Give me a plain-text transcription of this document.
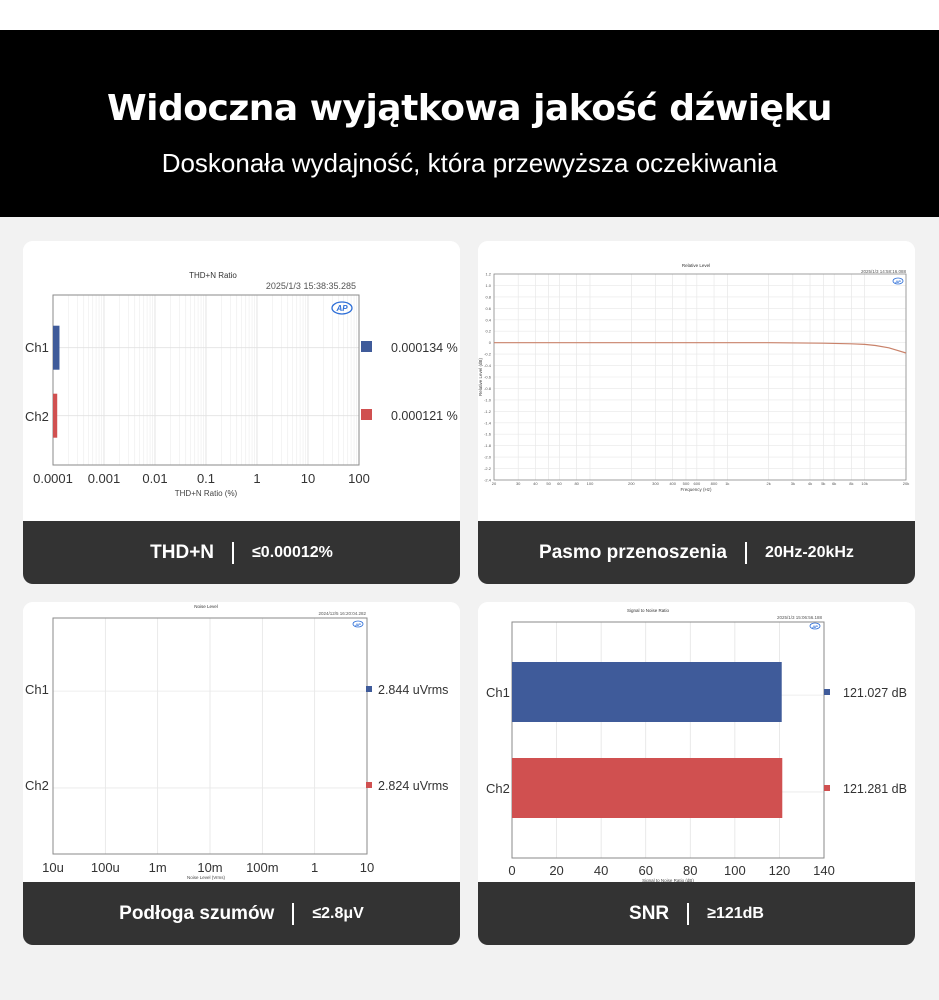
Widoczna wyjątkowa jakość dźwięku
Doskonała wydajność, która przewyższa oczekiwania
THD+N Ratio
2025/1/3 15:38:35.285
AP
Ch1
Ch2
0.000134 %
0.000121 %
0.0001 0.001 0.01 0.1	1	10	100
THD+N Ratio (%)
THD+N ≤0.00012%
Relative Level
2025/1/3 14:58:16.088
AP
1.2
1.0
0.8
0.6
0.4
0.2
0
-0.2
-0.4
-0.6
-0.8
-1.0
-1.2
-1.4
-1.6
-1.8
-2.0
-2.2
-2.4
20	30	40 50 60	80 100	200	300	400 500 600	800 1k	2k	3k	4k 5k 6k	8k 10k	20k
Frequency (Hz)
Relative Level (dB)
Pasmo przenoszenia 20Hz-20kHz
Noise Level
2024/12/5 16:20:04.282
AP
Ch1
Ch2
2.844 uVrms
2.824 uVrms
10u 100u 1m 10m 100m 1	10
Noise Level (Vrms)
Podłoga szumów ≤2.8μV
Signal to Noise Ratio
2025/1/3 15:06:56.188
AP
Ch1
Ch2
121.027 dB
121.281 dB
0	20 40 60 80 100 120 140
Signal to Noise Ratio (dB)
SNR ≥121dB
